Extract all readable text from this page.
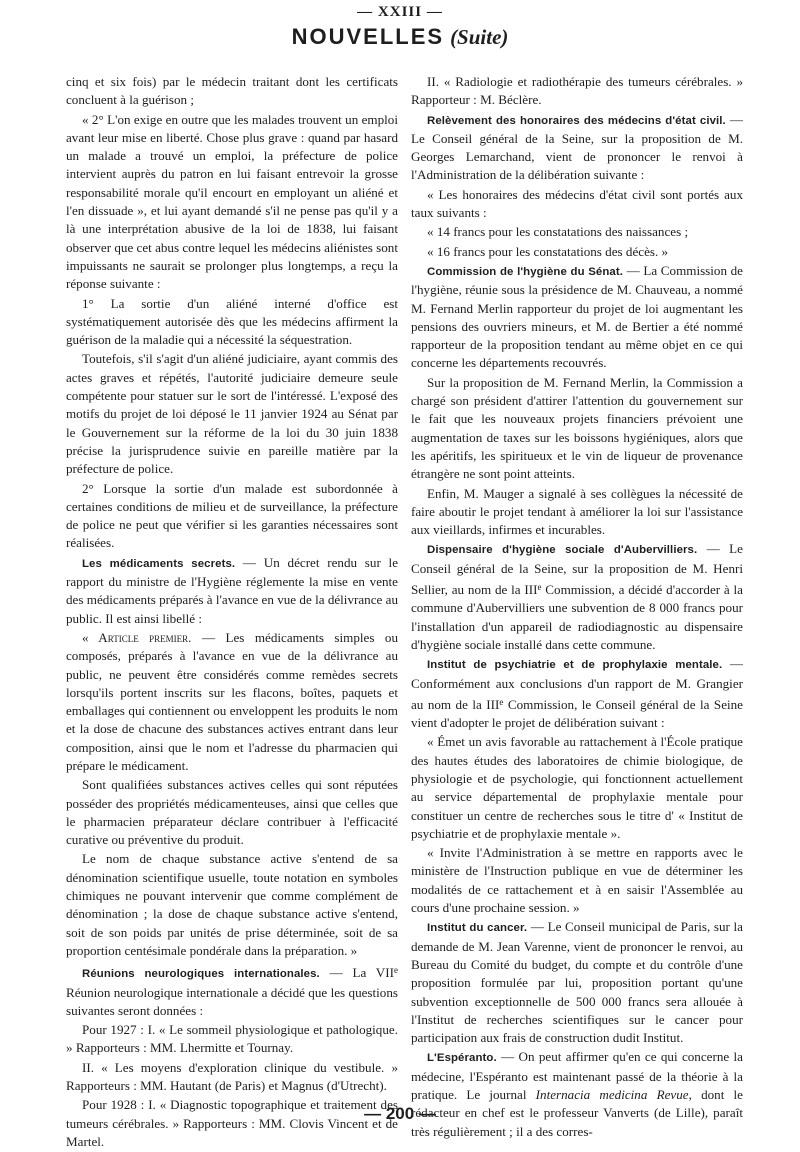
— XXIII —
NOUVELLES (Suite)

cinq et six fois) par le médecin traitant dont les certificats concluent à la guérison ;

« 2° L'on exige en outre que les malades trouvent un emploi avant leur mise en liberté. Chose plus grave : quand par hasard un malade a trouvé un emploi, la préfecture de police intervient auprès du patron en lui faisant entrevoir la grosse responsabilité morale qu'il encourt en employant un aliéné et l'en dissuade », et lui ayant demandé s'il ne pense pas qu'il y a là une interprétation abusive de la loi de 1838, lui faisant observer que cet abus contre lequel les médecins aliénistes sont impuissants ne saurait se prolonger plus longtemps, a reçu la réponse suivante :

1° La sortie d'un aliéné interné d'office est systématiquement autorisée dès que les médecins affirment la guérison de la maladie qui a nécessité la séquestration.

Toutefois, s'il s'agit d'un aliéné judiciaire, ayant commis des actes graves et répétés, l'autorité judiciaire demeure seule compétente pour statuer sur le sort de l'intéressé. L'exposé des motifs du projet de loi déposé le 11 janvier 1924 au Sénat par le Gouvernement sur la réforme de la loi du 30 juin 1838 précise la jurisprudence suivie en pareille matière par la préfecture de police.

2° Lorsque la sortie d'un malade est subordonnée à certaines conditions de milieu et de surveillance, la préfecture de police ne peut que vérifier si les garanties nécessaires sont réalisées.

Les médicaments secrets. — Un décret rendu sur le rapport du ministre de l'Hygiène réglemente la mise en vente des médicaments préparés à l'avance en vue de la délivrance au public. Il est ainsi libellé :

« Article premier. — Les médicaments simples ou composés, préparés à l'avance en vue de la délivrance au public, ne peuvent être considérés comme remèdes secrets lorsqu'ils portent inscrits sur les flacons, boîtes, paquets et emballages qui contiennent ou enveloppent les produits le nom et la dose de chacune des substances actives entrant dans leur composition, ainsi que le nom et l'adresse du pharmacien qui prépare le médicament.

Sont qualifiées substances actives celles qui sont réputées posséder des propriétés médicamenteuses, ainsi que celles que le pharmacien préparateur déclare contribuer à l'efficacité curative ou préventive du produit.

Le nom de chaque substance active s'entend de sa dénomination scientifique usuelle, toute notation en symboles chimiques ne pouvant intervenir que comme complément de dénomination ; la dose de chaque substance active s'entend, soit de son poids par unités de prise déterminée, soit de sa proportion centésimale pondérale dans la préparation. »

Réunions neurologiques internationales. — La VIIe Réunion neurologique internationale a décidé que les questions suivantes seront données :

Pour 1927 : I. « Le sommeil physiologique et pathologique. » Rapporteurs : MM. Lhermitte et Tournay.

II. « Les moyens d'exploration clinique du vestibule. » Rapporteurs : MM. Hautant (de Paris) et Magnus (d'Utrecht).

Pour 1928 : I. « Diagnostic topographique et traitement des tumeurs cérébrales. » Rapporteurs : MM. Clovis Vincent et de Martel.

II. « Radiologie et radiothérapie des tumeurs cérébrales. » Rapporteur : M. Béclère.

Relèvement des honoraires des médecins d'état civil. — Le Conseil général de la Seine, sur la proposition de M. Georges Lemarchand, vient de prononcer le renvoi à l'Administration de la délibération suivante :

« Les honoraires des médecins d'état civil sont portés aux taux suivants :

« 14 francs pour les constatations des naissances ;

« 16 francs pour les constatations des décès. »

Commission de l'hygiène du Sénat. — La Commission de l'hygiène, réunie sous la présidence de M. Chauveau, a nommé M. Fernand Merlin rapporteur du projet de loi augmentant les pensions des ouvriers mineurs, et M. de Bertier a été nommé rapporteur de la proposition tendant au même objet en ce qui concerne les départements recouvrés.

Sur la proposition de M. Fernand Merlin, la Commission a chargé son président d'attirer l'attention du gouvernement sur le fait que les nouveaux projets financiers prévoient une augmentation de taxes sur les boissons hygiéniques, alors que les apéritifs, les spiritueux et le vin de liqueur de provenance étrangère ne sont point atteints.

Enfin, M. Mauger a signalé à ses collègues la nécessité de faire aboutir le projet tendant à améliorer la loi sur l'assistance aux vieillards, infirmes et incurables.

Dispensaire d'hygiène sociale d'Aubervilliers. — Le Conseil général de la Seine, sur la proposition de M. Henri Sellier, au nom de la IIIe Commission, a décidé d'accorder à la commune d'Aubervilliers une subvention de 8 000 francs pour l'installation d'un appareil de radiodiagnostic au dispensaire d'hygiène sociale installé dans cette commune.

Institut de psychiatrie et de prophylaxie mentale. — Conformément aux conclusions d'un rapport de M. Grangier au nom de la IIIe Commission, le Conseil général de la Seine vient d'adopter le projet de délibération suivant :

« Émet un avis favorable au rattachement à l'École pratique des hautes études des laboratoires de chimie biologique, de physiologie et de psychologie, qui fonctionnent actuellement au service départemental de prophylaxie mentale pour constituer un centre de recherches sous le titre d' « Institut de psychiatrie et de prophylaxie mentale ».

« Invite l'Administration à se mettre en rapports avec le ministère de l'Instruction publique en vue de déterminer les modalités de ce rattachement et à en saisir l'Assemblée au cours d'une prochaine session. »

Institut du cancer. — Le Conseil municipal de Paris, sur la demande de M. Jean Varenne, vient de prononcer le renvoi, au Bureau du Comité du budget, du compte et du contrôle d'une proposition formulée par lui, proposition portant qu'une subvention exceptionnelle de 500 000 francs sera allouée à l'Institut de recherches scientifiques sur le cancer pour participation aux frais de construction dudit Institut.

L'Espéranto. — On peut affirmer qu'en ce qui concerne la médecine, l'Espéranto est maintenant passé de la théorie à la pratique. Le journal Internacia medicina Revue, dont le rédacteur en chef est le professeur Vanverts (de Lille), paraît très régulièrement ; il a des corres-

— 200 —
